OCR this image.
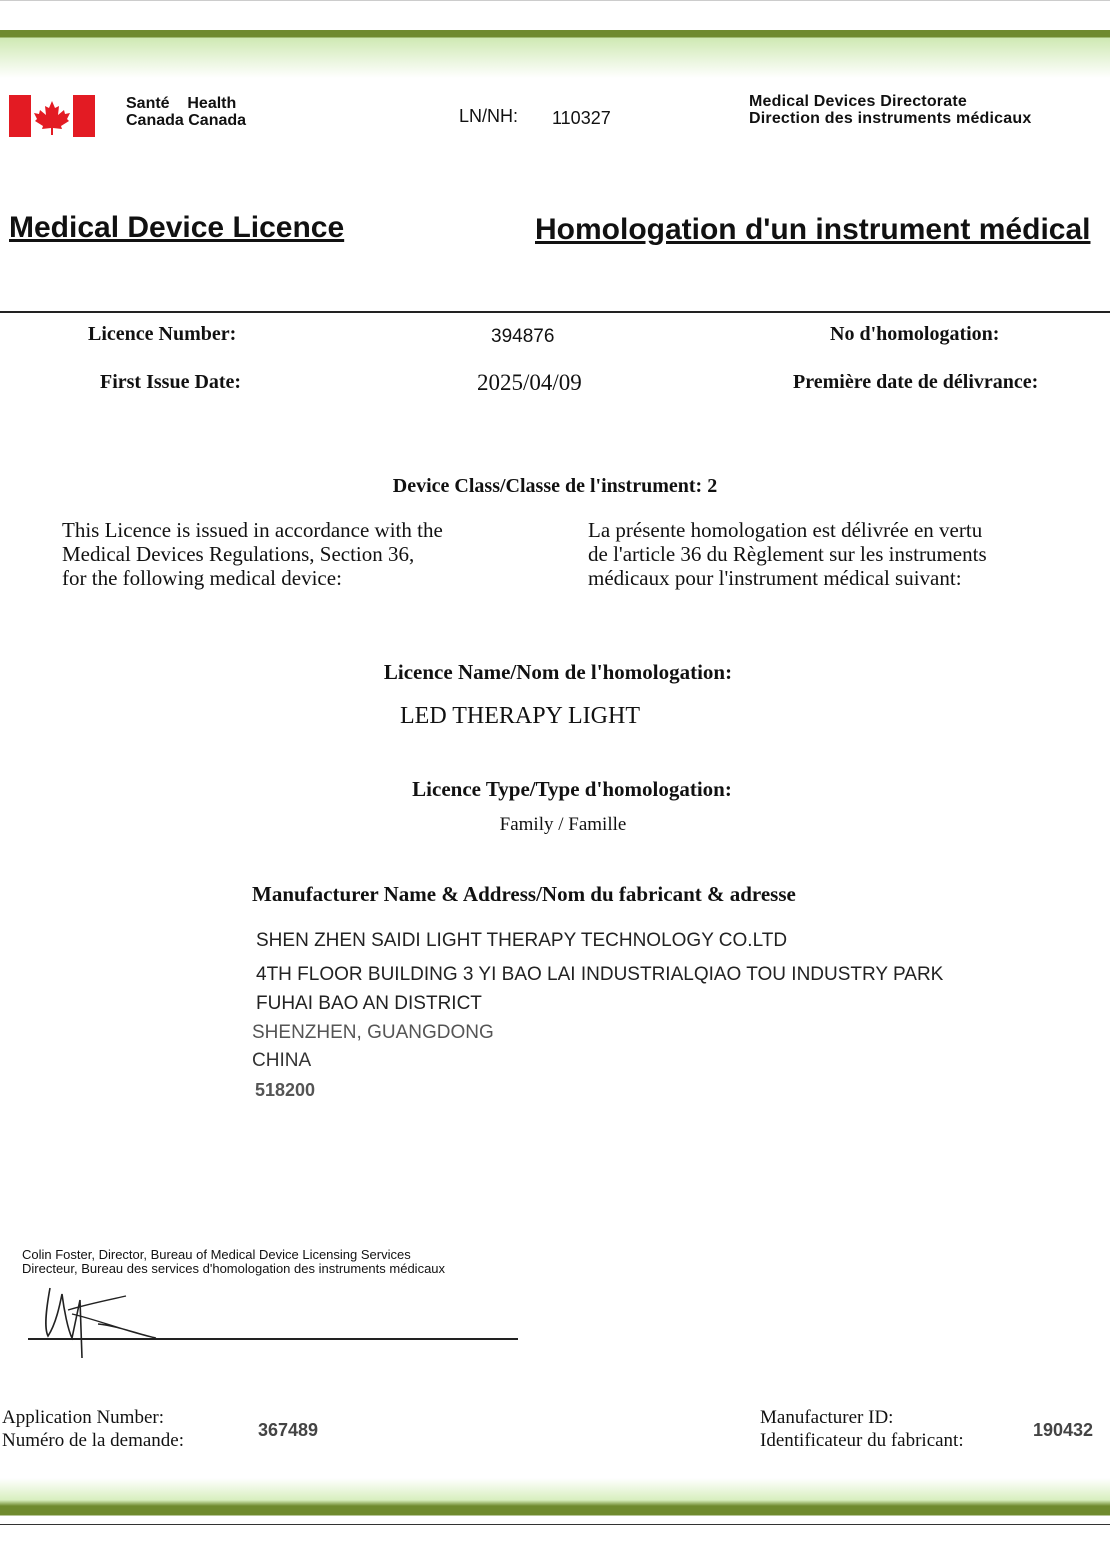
Santé Health
Canada Canada	LN/NH: 110327
Medical Devices Directorate
Direction des instruments médicaux
Medical Device Licence	Homologation d'un instrument médical
Licence Number:	394876	No d'homologation:
First Issue Date:	2025/04/09	Première date de délivrance:
Device Class/Classe de l'instrument: 2
This Licence is issued in accordance with the
Medical Devices Regulations, Section 36,
for the following medical device:
La présente homologation est délivrée en vertu
de l'article 36 du Règlement sur les instruments
médicaux pour l'instrument médical suivant:
Licence Name/Nom de l'homologation:
LED THERAPY LIGHT
Licence Type/Type d'homologation:
Family / Famille
Manufacturer Name & Address/Nom du fabricant & adresse
SHEN ZHEN SAIDI LIGHT THERAPY TECHNOLOGY CO.LTD
4TH FLOOR BUILDING 3 YI BAO LAI INDUSTRIALQIAO TOU INDUSTRY PARK
FUHAI BAO AN DISTRICT
SHENZHEN, GUANGDONG
CHINA
518200
Colin Foster, Director, Bureau of Medical Device Licensing Services
Directeur, Bureau des services d'homologation des instruments médicaux
Application Number:
Numéro de la demande:	367489
Manufacturer ID:
Identificateur du fabricant:	190432
